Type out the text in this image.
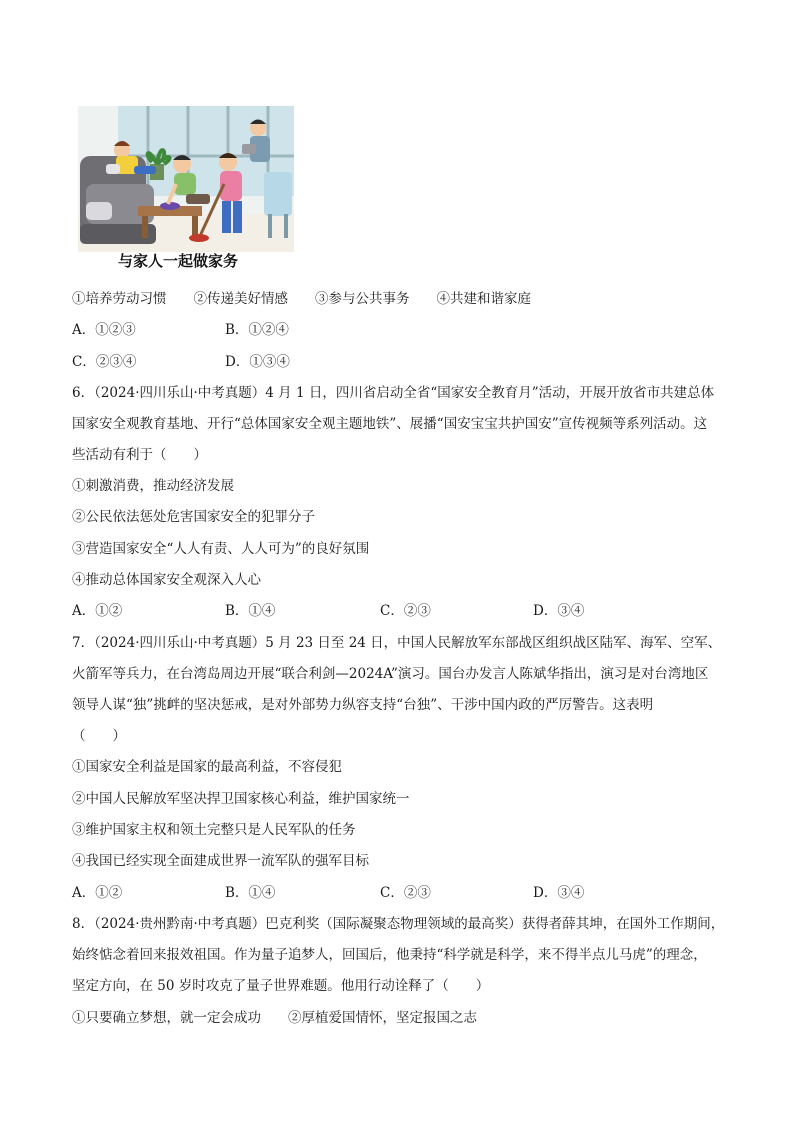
与家人一起做家务
①培养劳动习惯　　②传递美好情感　　③参与公共事务　　④共建和谐家庭
A．①②③	B．①②④
C．②③④	D．①③④
6．（2024·四川乐山·中考真题）4 月 1 日，四川省启动全省“国家安全教育月”活动，开展开放省市共建总体
国家安全观教育基地、开行“总体国家安全观主题地铁”、展播“国安宝宝共护国安”宣传视频等系列活动。这
些活动有利于（　　）
①刺激消费，推动经济发展
②公民依法惩处危害国家安全的犯罪分子
③营造国家安全“人人有责、人人可为”的良好氛围
④推动总体国家安全观深入人心
A．①②	B．①④	C．②③	D．③④
7．（2024·四川乐山·中考真题）5 月 23 日至 24 日，中国人民解放军东部战区组织战区陆军、海军、空军、
火箭军等兵力，在台湾岛周边开展“联合利剑—2024A”演习。国台办发言人陈斌华指出，演习是对台湾地区
领导人谋“独”挑衅的坚决惩戒，是对外部势力纵容支持“台独”、干涉中国内政的严厉警告。这表明
（　　）
①国家安全利益是国家的最高利益，不容侵犯
②中国人民解放军坚决捍卫国家核心利益，维护国家统一
③维护国家主权和领土完整只是人民军队的任务
④我国已经实现全面建成世界一流军队的强军目标
A．①②	B．①④	C．②③	D．③④
8．（2024·贵州黔南·中考真题）巴克利奖（国际凝聚态物理领域的最高奖）获得者薛其坤，在国外工作期间，
始终惦念着回来报效祖国。作为量子追梦人，回国后，他秉持“科学就是科学，来不得半点儿马虎”的理念，
坚定方向，在 50 岁时攻克了量子世界难题。他用行动诠释了（　　）
①只要确立梦想，就一定会成功　　②厚植爱国情怀，坚定报国之志
